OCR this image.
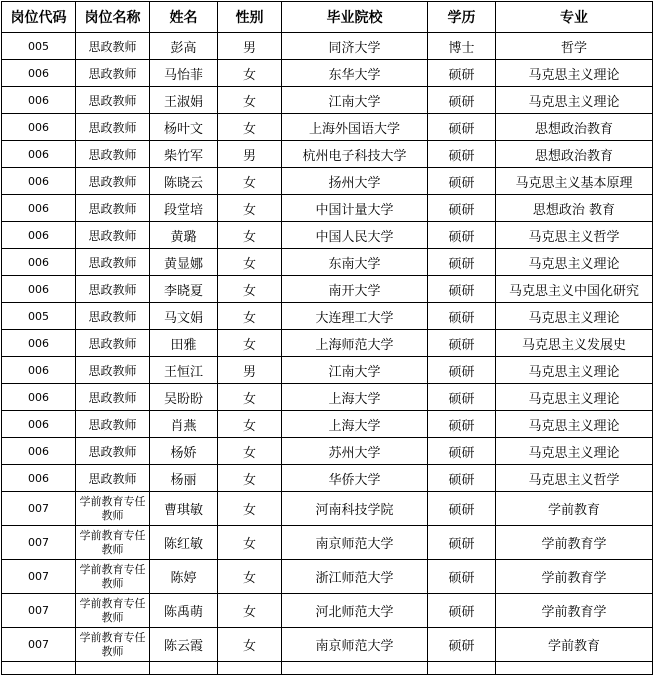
岗位代码	岗位名称	姓名	性别	毕业院校	学历	专业
005	思政教师	彭高	男	同济大学	博士	哲学
006	思政教师	马怡菲	女	东华大学	硕研	马克思主义理论
006	思政教师	王淑娟	女	江南大学	硕研	马克思主义理论
006	思政教师	杨叶文	女	上海外国语大学	硕研	思想政治教育
006	思政教师	柴竹军	男	杭州电子科技大学	硕研	思想政治教育
006	思政教师	陈晓云	女	扬州大学	硕研	马克思主义基本原理
006	思政教师	段堂培	女	中国计量大学	硕研	思想政治 教育
006	思政教师	黄璐	女	中国人民大学	硕研	马克思主义哲学
006	思政教师	黄显娜	女	东南大学	硕研	马克思主义理论
006	思政教师	李晓夏	女	南开大学	硕研	马克思主义中国化研究
005	思政教师	马文娟	女	大连理工大学	硕研	马克思主义理论
006	思政教师	田雅	女	上海师范大学	硕研	马克思主义发展史
006	思政教师	王恒江	男	江南大学	硕研	马克思主义理论
006	思政教师	吴盼盼	女	上海大学	硕研	马克思主义理论
006	思政教师	肖燕	女	上海大学	硕研	马克思主义理论
006	思政教师	杨娇	女	苏州大学	硕研	马克思主义理论
006	思政教师	杨丽	女	华侨大学	硕研	马克思主义哲学
007	学前教育专任教师	曹琪敏	女	河南科技学院	硕研	学前教育
007	学前教育专任教师	陈红敏	女	南京师范大学	硕研	学前教育学
007	学前教育专任教师	陈婷	女	浙江师范大学	硕研	学前教育学
007	学前教育专任教师	陈禹萌	女	河北师范大学	硕研	学前教育学
007	学前教育专任教师	陈云霞	女	南京师范大学	硕研	学前教育
